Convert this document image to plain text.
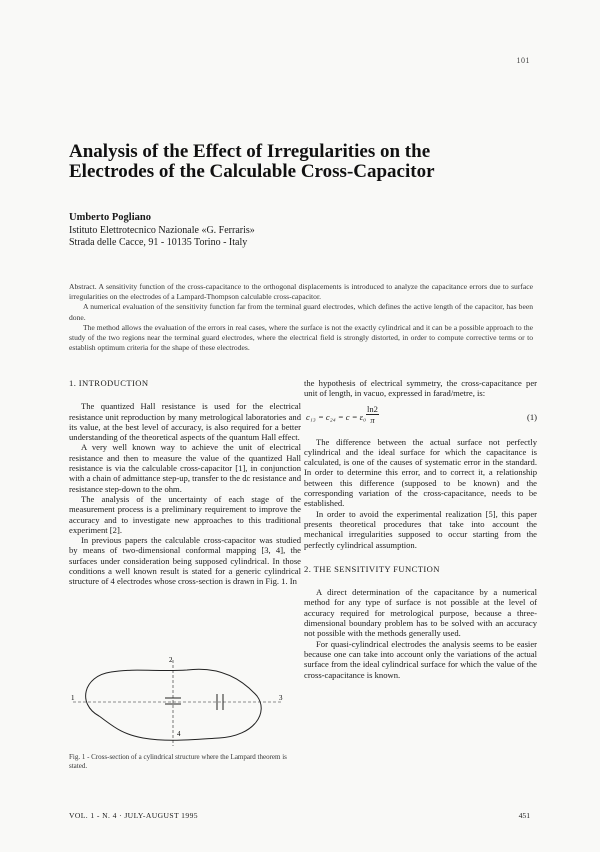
101
Analysis of the Effect of Irregularities on the
Electrodes of the Calculable Cross-Capacitor
Umberto Pogliano
Istituto Elettrotecnico Nazionale «G. Ferraris»
Strada delle Cacce, 91 - 10135 Torino - Italy

Abstract. A sensitivity function of the cross-capacitance to the orthogonal displacements is introduced to analyze the capacitance errors due to surface irregularities on the electrodes of a Lampard-Thompson calculable cross-capacitor.

A numerical evaluation of the sensitivity function far from the terminal guard electrodes, which defines the active length of the capacitor, has been done.

The method allows the evaluation of the errors in real cases, where the surface is not the exactly cylindrical and it can be a possible approach to the study of the two regions near the terminal guard electrodes, where the electrical field is strongly distorted, in order to compute corrective terms or to establish optimum criteria for the shape of these electrodes.

1. INTRODUCTION

The quantized Hall resistance is used for the electrical resistance unit reproduction by many metrological laboratories and its value, at the best level of accuracy, is also required for a better understanding of the theoretical aspects of the quantum Hall effect.

A very well known way to achieve the unit of electrical resistance and then to measure the value of the quantized Hall resistance is via the calculable cross-capacitor [1], in conjunction with a chain of admittance step-up, transfer to the dc resistance and resistance step-down to the ohm.

The analysis of the uncertainty of each stage of the measurement process is a preliminary requirement to improve the accuracy and to investigate new approaches to this traditional experiment [2].

In previous papers the calculable cross-capacitor was studied by means of two-dimensional conformal mapping [3, 4], the surfaces under consideration being supposed cylindrical. In those conditions a well known result is stated for a generic cylindrical structure of 4 electrodes whose cross-section is drawn in Fig. 1. In

2
1	3
4
Fig. 1 - Cross-section of a cylindrical structure where the Lampard theorem is stated.

the hypothesis of electrical symmetry, the cross-capacitance per unit of length, in vacuo, expressed in farad/metre, is:

$c_{13} = c_{24} = c = \varepsilon_0 \frac{\ln 2}{\pi}$	(1)

The difference between the actual surface not perfectly cylindrical and the ideal surface for which the capacitance is calculated, is one of the causes of systematic error in the standard. In order to determine this error, and to correct it, a relationship between this difference (supposed to be known) and the corresponding variation of the cross-capacitance, needs to be established.

In order to avoid the experimental realization [5], this paper presents theoretical procedures that take into account the mechanical irregularities supposed to occur starting from the perfectly cylindrical assumption.

2. THE SENSITIVITY FUNCTION

A direct determination of the capacitance by a numerical method for any type of surface is not possible at the level of accuracy required for metrological purpose, because a three-dimensional boundary problem has to be solved with an accuracy not possible with the methods generally used.

For quasi-cylindrical electrodes the analysis seems to be easier because one can take into account only the variations of the actual surface from the ideal cylindrical surface for which the value of the cross-capacitance is known.

VOL. 1 - N. 4 · JULY-AUGUST 1995	451
